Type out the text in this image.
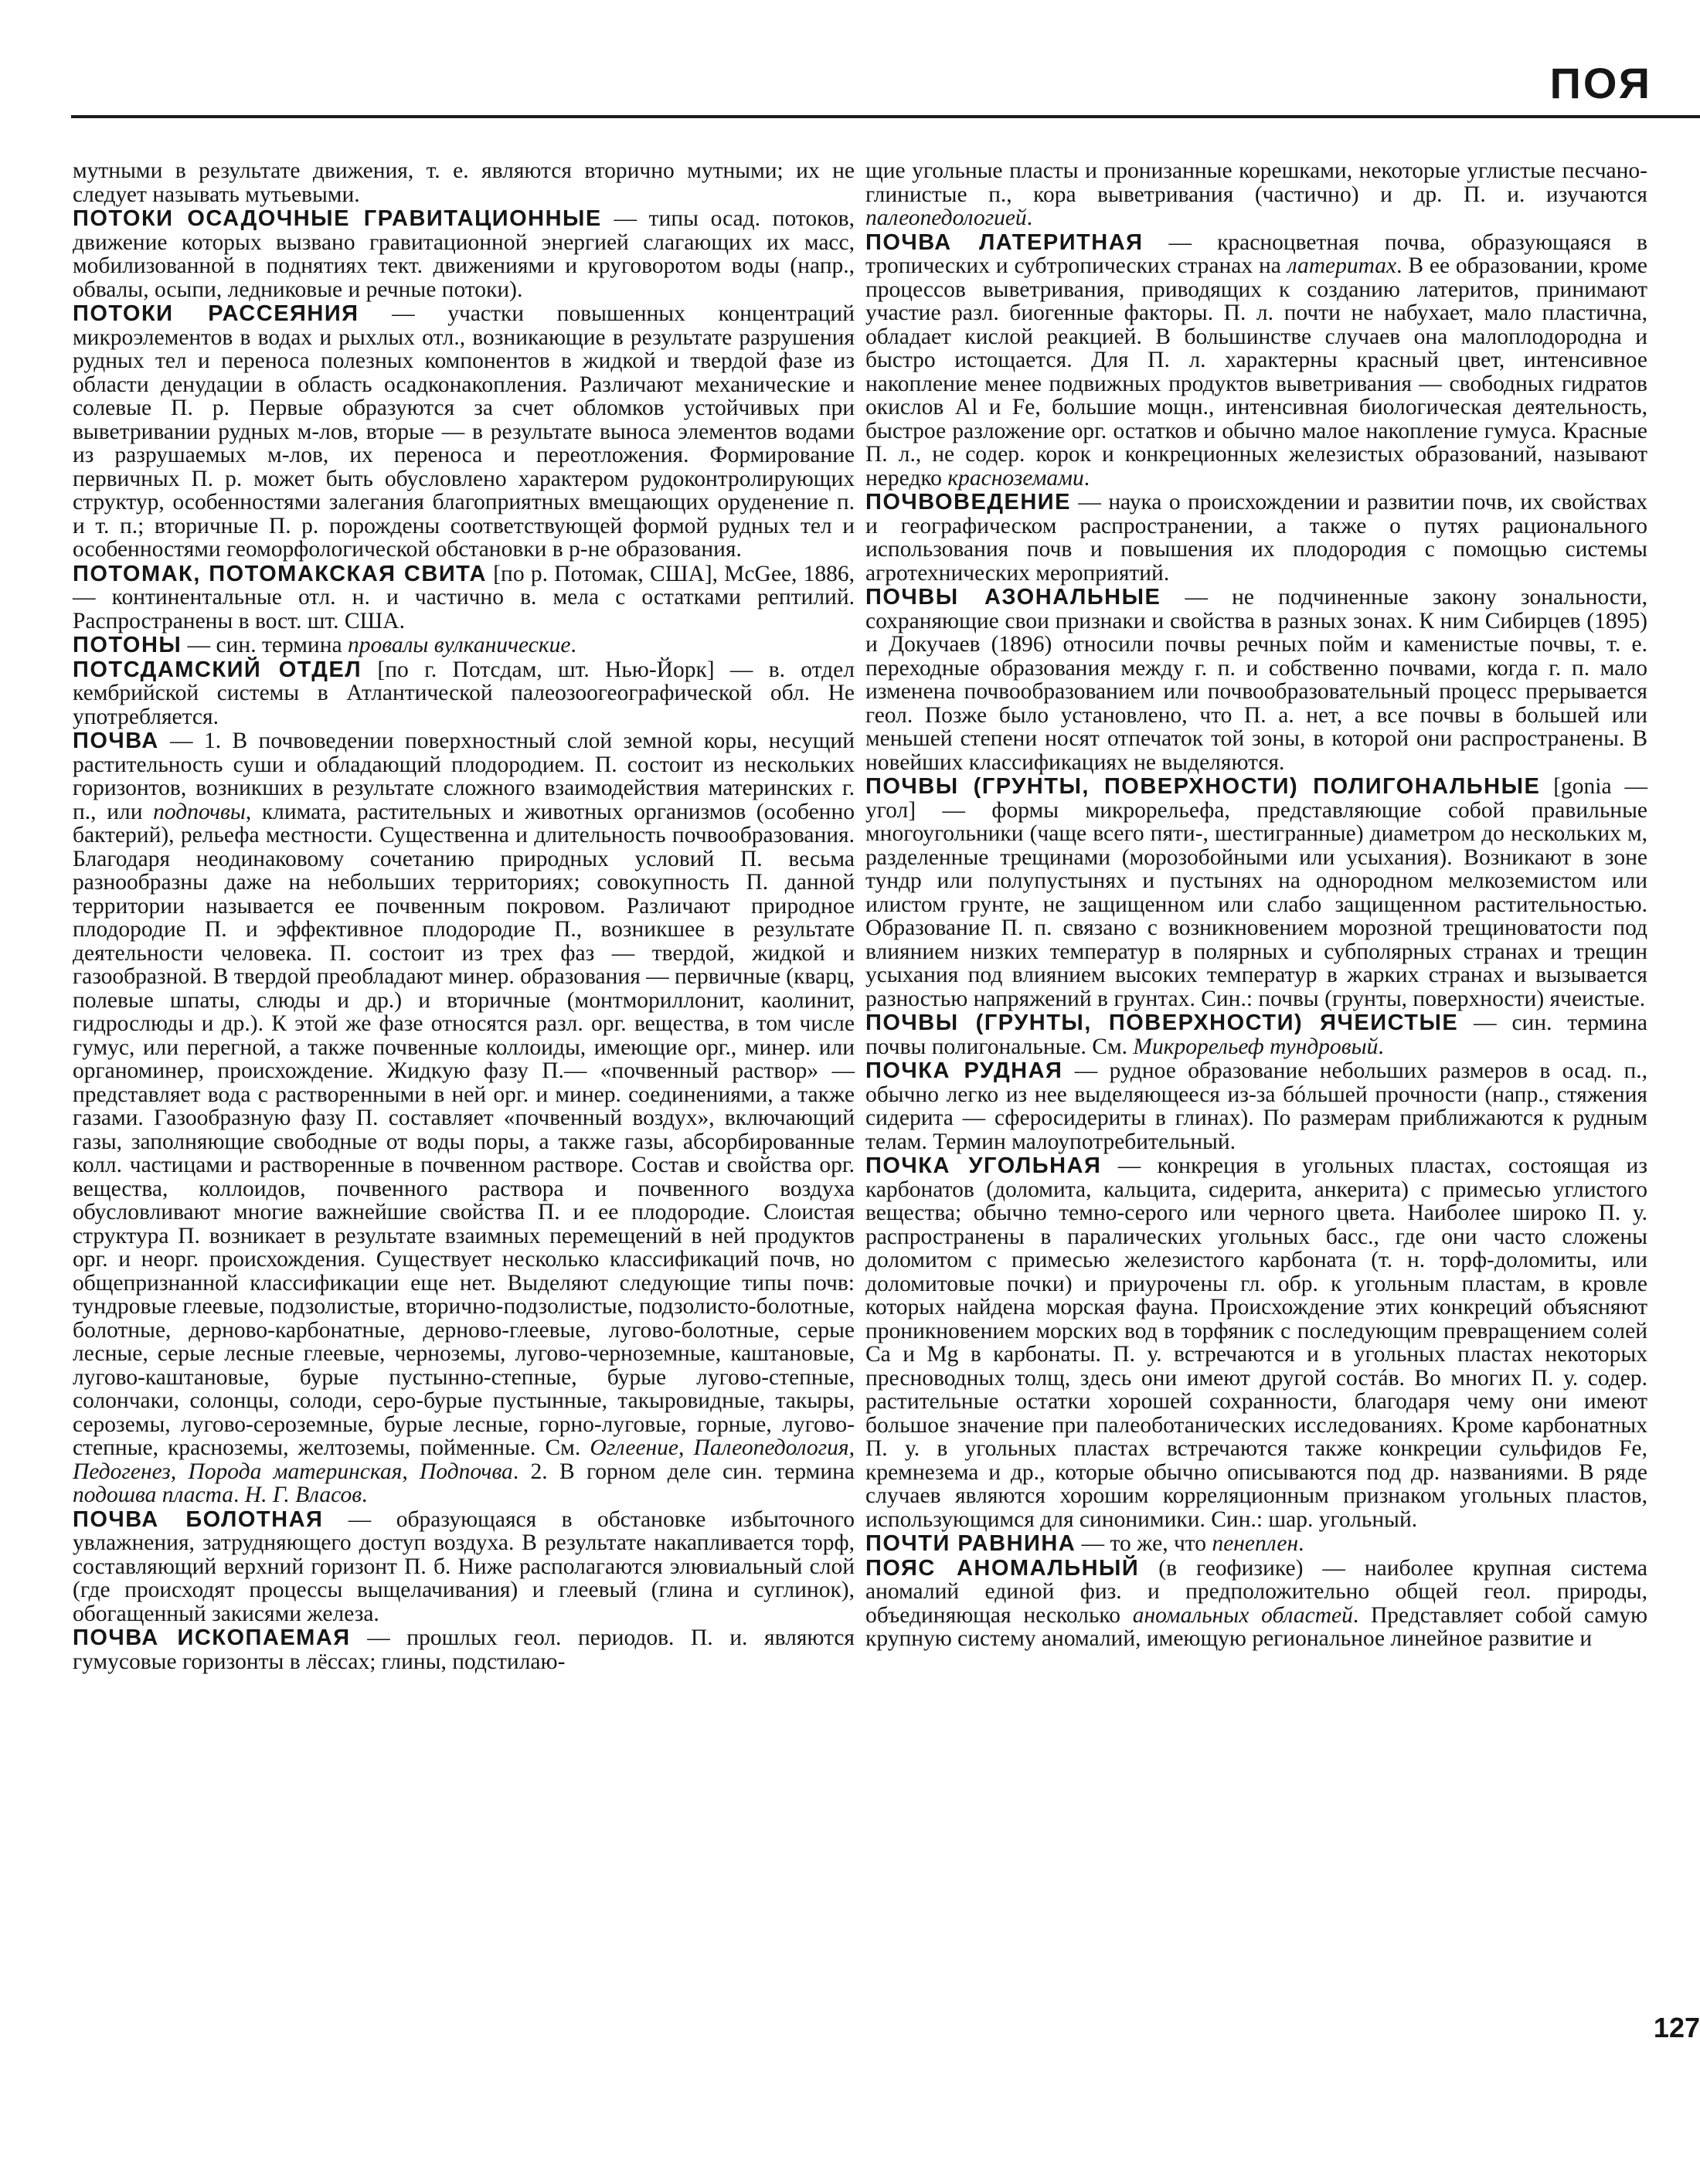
ПОЯ
мутными в результате движения, т. е. являются вторично мутными; их не следует называть мутьевыми.
ПОТОКИ ОСАДОЧНЫЕ ГРАВИТАЦИОННЫЕ — типы осад. потоков, движение которых вызвано гравитационной энергией слагающих их масс, мобилизованной в поднятиях тект. движениями и круговоротом воды (напр., обвалы, осыпи, ледниковые и речные потоки).
ПОТОКИ РАССЕЯНИЯ — участки повышенных концентраций микроэлементов в водах и рыхлых отл., возникающие в результате разрушения рудных тел и переноса полезных компонентов в жидкой и твердой фазе из области денудации в область осадконакопления. Различают механические и солевые П. р. Первые образуются за счет обломков устойчивых при выветривании рудных м-лов, вторые — в результате выноса элементов водами из разрушаемых м-лов, их переноса и переотложения. Формирование первичных П. р. может быть обусловлено характером рудоконтролирующих структур, особенностями залегания благоприятных вмещающих оруденение п. и т. п.; вторичные П. р. порождены соответствующей формой рудных тел и особенностями геоморфологической обстановки в р-не образования.
ПОТОМАК, ПОТОМАКСКАЯ СВИТА [по р. Потомак, США], McGee, 1886,— континентальные отл. н. и частично в. мела с остатками рептилий. Распространены в вост. шт. США.
ПОТОНЫ — син. термина провалы вулканические.
ПОТСДАМСКИЙ ОТДЕЛ [по г. Потсдам, шт. Нью-Йорк] — в. отдел кембрийской системы в Атлантической палеозоогеографической обл. Не употребляется.
ПОЧВА — 1. В почвоведении поверхностный слой земной коры, несущий растительность суши и обладающий плодородием. П. состоит из нескольких горизонтов, возникших в результате сложного взаимодействия материнских г. п., или подпочвы, климата, растительных и животных организмов (особенно бактерий), рельефа местности. Существенна и длительность почвообразования. Благодаря неодинаковому сочетанию природных условий П. весьма разнообразны даже на небольших территориях; совокупность П. данной территории называется ее почвенным покровом. Различают природное плодородие П. и эффективное плодородие П., возникшее в результате деятельности человека. П. состоит из трех фаз — твердой, жидкой и газообразной. В твердой преобладают минер. образования — первичные (кварц, полевые шпаты, слюды и др.) и вторичные (монтмориллонит, каолинит, гидрослюды и др.). К этой же фазе относятся разл. орг. вещества, в том числе гумус, или перегной, а также почвенные коллоиды, имеющие орг., минер. или органоминер, происхождение. Жидкую фазу П.— «почвенный раствор» — представляет вода с растворенными в ней орг. и минер. соединениями, а также газами. Газообразную фазу П. составляет «почвенный воздух», включающий газы, заполняющие свободные от воды поры, а также газы, абсорбированные колл. частицами и растворенные в почвенном растворе. Состав и свойства орг. вещества, коллоидов, почвенного раствора и почвенного воздуха обусловливают многие важнейшие свойства П. и ее плодородие. Слоистая структура П. возникает в результате взаимных перемещений в ней продуктов орг. и неорг. происхождения. Существует несколько классификаций почв, но общепризнанной классификации еще нет. Выделяют следующие типы почв: тундровые глеевые, подзолистые, вторично-подзолистые, подзолисто-болотные, болотные, дерново-карбонатные, дерново-глеевые, лугово-болотные, серые лесные, серые лесные глеевые, черноземы, лугово-черноземные, каштановые, лугово-каштановые, бурые пустынно-степные, бурые лугово-степные, солончаки, солонцы, солоди, серо-бурые пустынные, такыровидные, такыры, сероземы, лугово-сероземные, бурые лесные, горно-луговые, горные, лугово-степные, красноземы, желтоземы, пойменные. См. Оглеение, Палеопедология, Педогенез, Порода материнская, Подпочва. 2. В горном деле син. термина подошва пласта. Н. Г. Власов.
ПОЧВА БОЛОТНАЯ — образующаяся в обстановке избыточного увлажнения, затрудняющего доступ воздуха. В результате накапливается торф, составляющий верхний горизонт П. б. Ниже располагаются элювиальный слой (где происходят процессы выщелачивания) и глеевый (глина и суглинок), обогащенный закисями железа.
ПОЧВА ИСКОПАЕМАЯ — прошлых геол. периодов. П. и. являются гумусовые горизонты в лёссах; глины, подстилаю-
щие угольные пласты и пронизанные корешками, некоторые углистые песчано-глинистые п., кора выветривания (частично) и др. П. и. изучаются палеопедологией.
ПОЧВА ЛАТЕРИТНАЯ — красноцветная почва, образующаяся в тропических и субтропических странах на латеритах. В ее образовании, кроме процессов выветривания, приводящих к созданию латеритов, принимают участие разл. биогенные факторы. П. л. почти не набухает, мало пластична, обладает кислой реакцией. В большинстве случаев она малоплодородна и быстро истощается. Для П. л. характерны красный цвет, интенсивное накопление менее подвижных продуктов выветривания — свободных гидратов окислов Al и Fe, большие мощн., интенсивная биологическая деятельность, быстрое разложение орг. остатков и обычно малое накопление гумуса. Красные П. л., не содер. корок и конкреционных железистых образований, называют нередко красноземами.
ПОЧВОВЕДЕНИЕ — наука о происхождении и развитии почв, их свойствах и географическом распространении, а также о путях рационального использования почв и повышения их плодородия с помощью системы агротехнических мероприятий.
ПОЧВЫ АЗОНАЛЬНЫЕ — не подчиненные закону зональности, сохраняющие свои признаки и свойства в разных зонах. К ним Сибирцев (1895) и Докучаев (1896) относили почвы речных пойм и каменистые почвы, т. е. переходные образования между г. п. и собственно почвами, когда г. п. мало изменена почвообразованием или почвообразовательный процесс прерывается геол. Позже было установлено, что П. а. нет, а все почвы в большей или меньшей степени носят отпечаток той зоны, в которой они распространены. В новейших классификациях не выделяются.
ПОЧВЫ (ГРУНТЫ, ПОВЕРХНОСТИ) ПОЛИГОНАЛЬНЫЕ [gonia — угол] — формы микрорельефа, представляющие собой правильные многоугольники (чаще всего пяти-, шестигранные) диаметром до нескольких м, разделенные трещинами (морозобойными или усыхания). Возникают в зоне тундр или полупустынях и пустынях на однородном мелкоземистом или илистом грунте, не защищенном или слабо защищенном растительностью. Образование П. п. связано с возникновением морозной трещиноватости под влиянием низких температур в полярных и субполярных странах и трещин усыхания под влиянием высоких температур в жарких странах и вызывается разностью напряжений в грунтах. Син.: почвы (грунты, поверхности) ячеистые.
ПОЧВЫ (ГРУНТЫ, ПОВЕРХНОСТИ) ЯЧЕИСТЫЕ — син. термина почвы полигональные. См. Микрорельеф тундровый.
ПОЧКА РУДНАЯ — рудное образование небольших размеров в осад. п., обычно легко из нее выделяющееся из-за бóльшей прочности (напр., стяжения сидерита — сферосидериты в глинах). По размерам приближаются к рудным телам. Термин малоупотребительный.
ПОЧКА УГОЛЬНАЯ — конкреция в угольных пластах, состоящая из карбонатов (доломита, кальцита, сидерита, анкерита) с примесью углистого вещества; обычно темно-серого или черного цвета. Наиболее широко П. у. распространены в паралических угольных басс., где они часто сложены доломитом с примесью железистого карбоната (т. н. торф-доломиты, или доломитовые почки) и приурочены гл. обр. к угольным пластам, в кровле которых найдена морская фауна. Происхождение этих конкреций объясняют проникновением морских вод в торфяник с последующим превращением солей Ca и Mg в карбонаты. П. у. встречаются и в угольных пластах некоторых пресноводных толщ, здесь они имеют другой состáв. Во многих П. у. содер. растительные остатки хорошей сохранности, благодаря чему они имеют большое значение при палеоботанических исследованиях. Кроме карбонатных П. у. в угольных пластах встречаются также конкреции сульфидов Fe, кремнезема и др., которые обычно описываются под др. названиями. В ряде случаев являются хорошим корреляционным признаком угольных пластов, использующимся для синонимики. Син.: шар. угольный.
ПОЧТИ РАВНИНА — то же, что пенеплен.
ПОЯС АНОМАЛЬНЫЙ (в геофизике) — наиболее крупная система аномалий единой физ. и предположительно общей геол. природы, объединяющая несколько аномальных областей. Представляет собой самую крупную систему аномалий, имеющую региональное линейное развитие и
127
